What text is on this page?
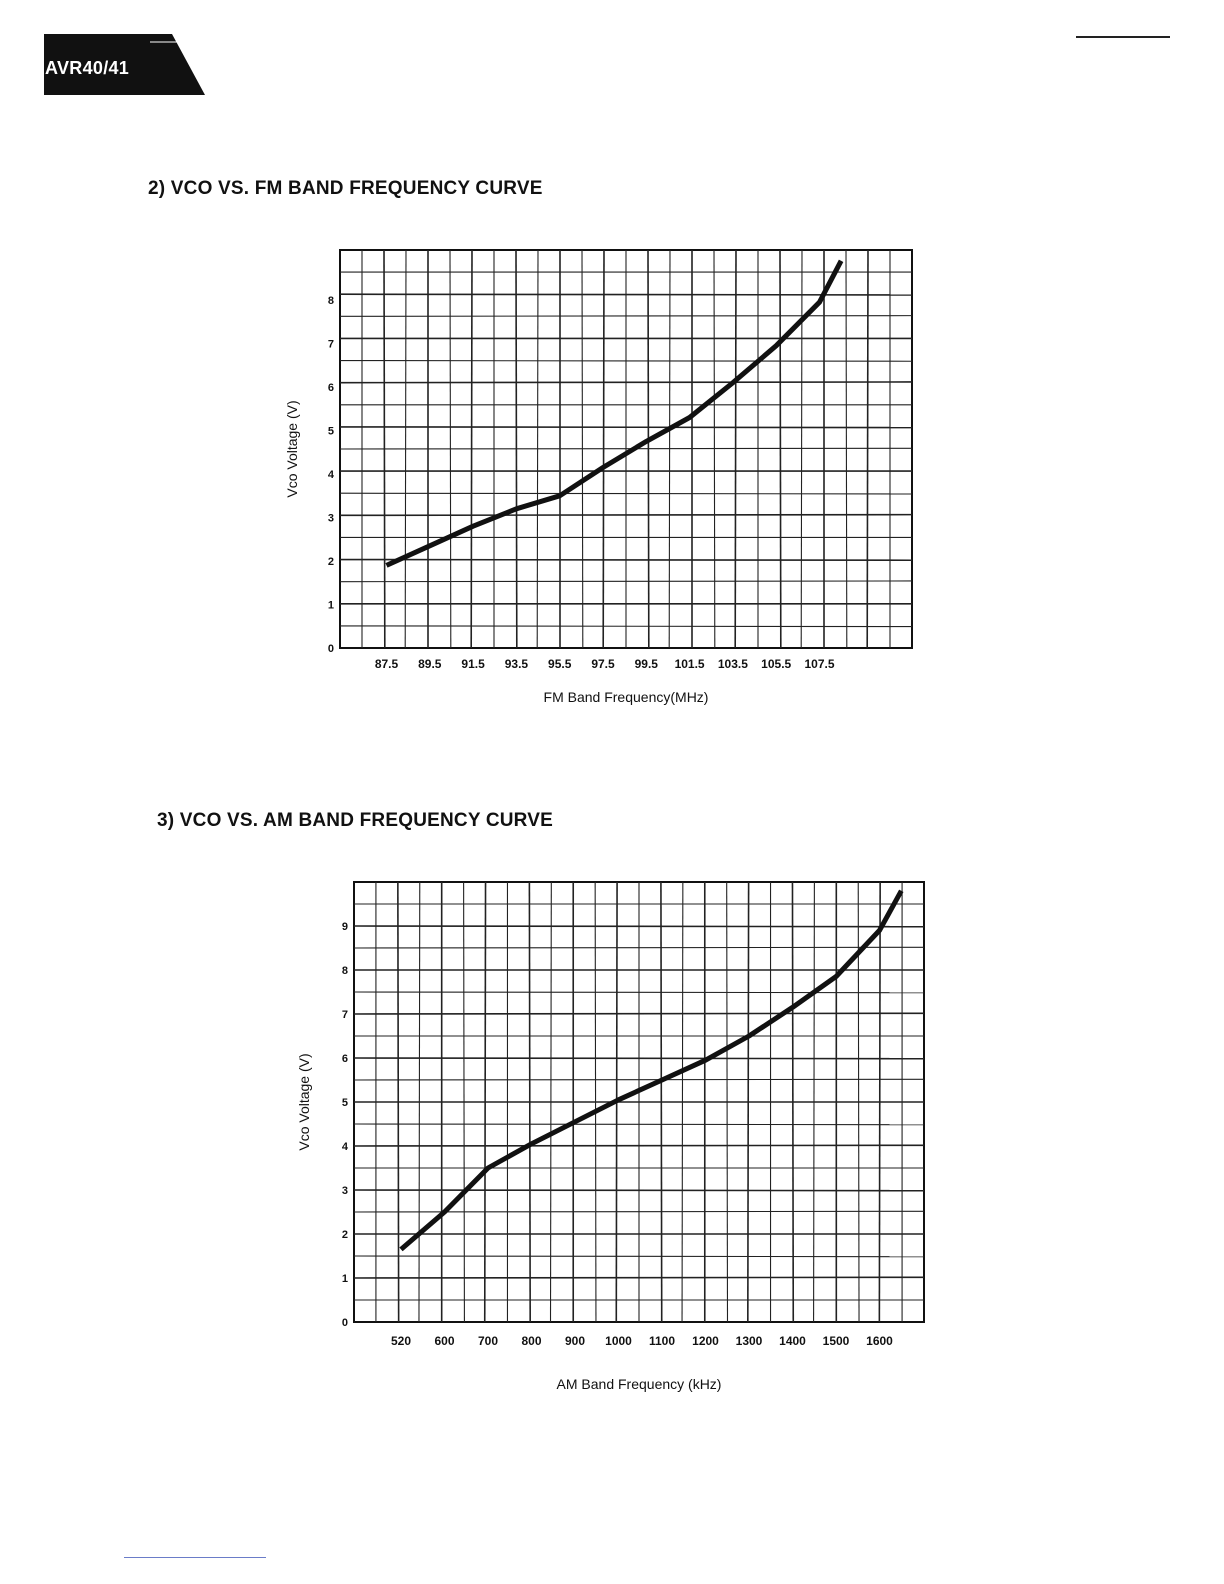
AVR40/41
2) VCO VS. FM BAND FREQUENCY CURVE
3) VCO VS. AM BAND FREQUENCY CURVE
0
1
2
3
4
5
6
7
8
87.5 89.5 91.5 93.5 95.5 97.5 99.5 101.5 103.5 105.5 107.5
FM Band Frequency(MHz)
Vco Voltage (V)
0
1
2
3
4
5
6
7
8
9
520 600 700 800 900 1000 1100 1200 1300 1400 1500 1600
AM Band Frequency (kHz)
Vco Voltage (V)
